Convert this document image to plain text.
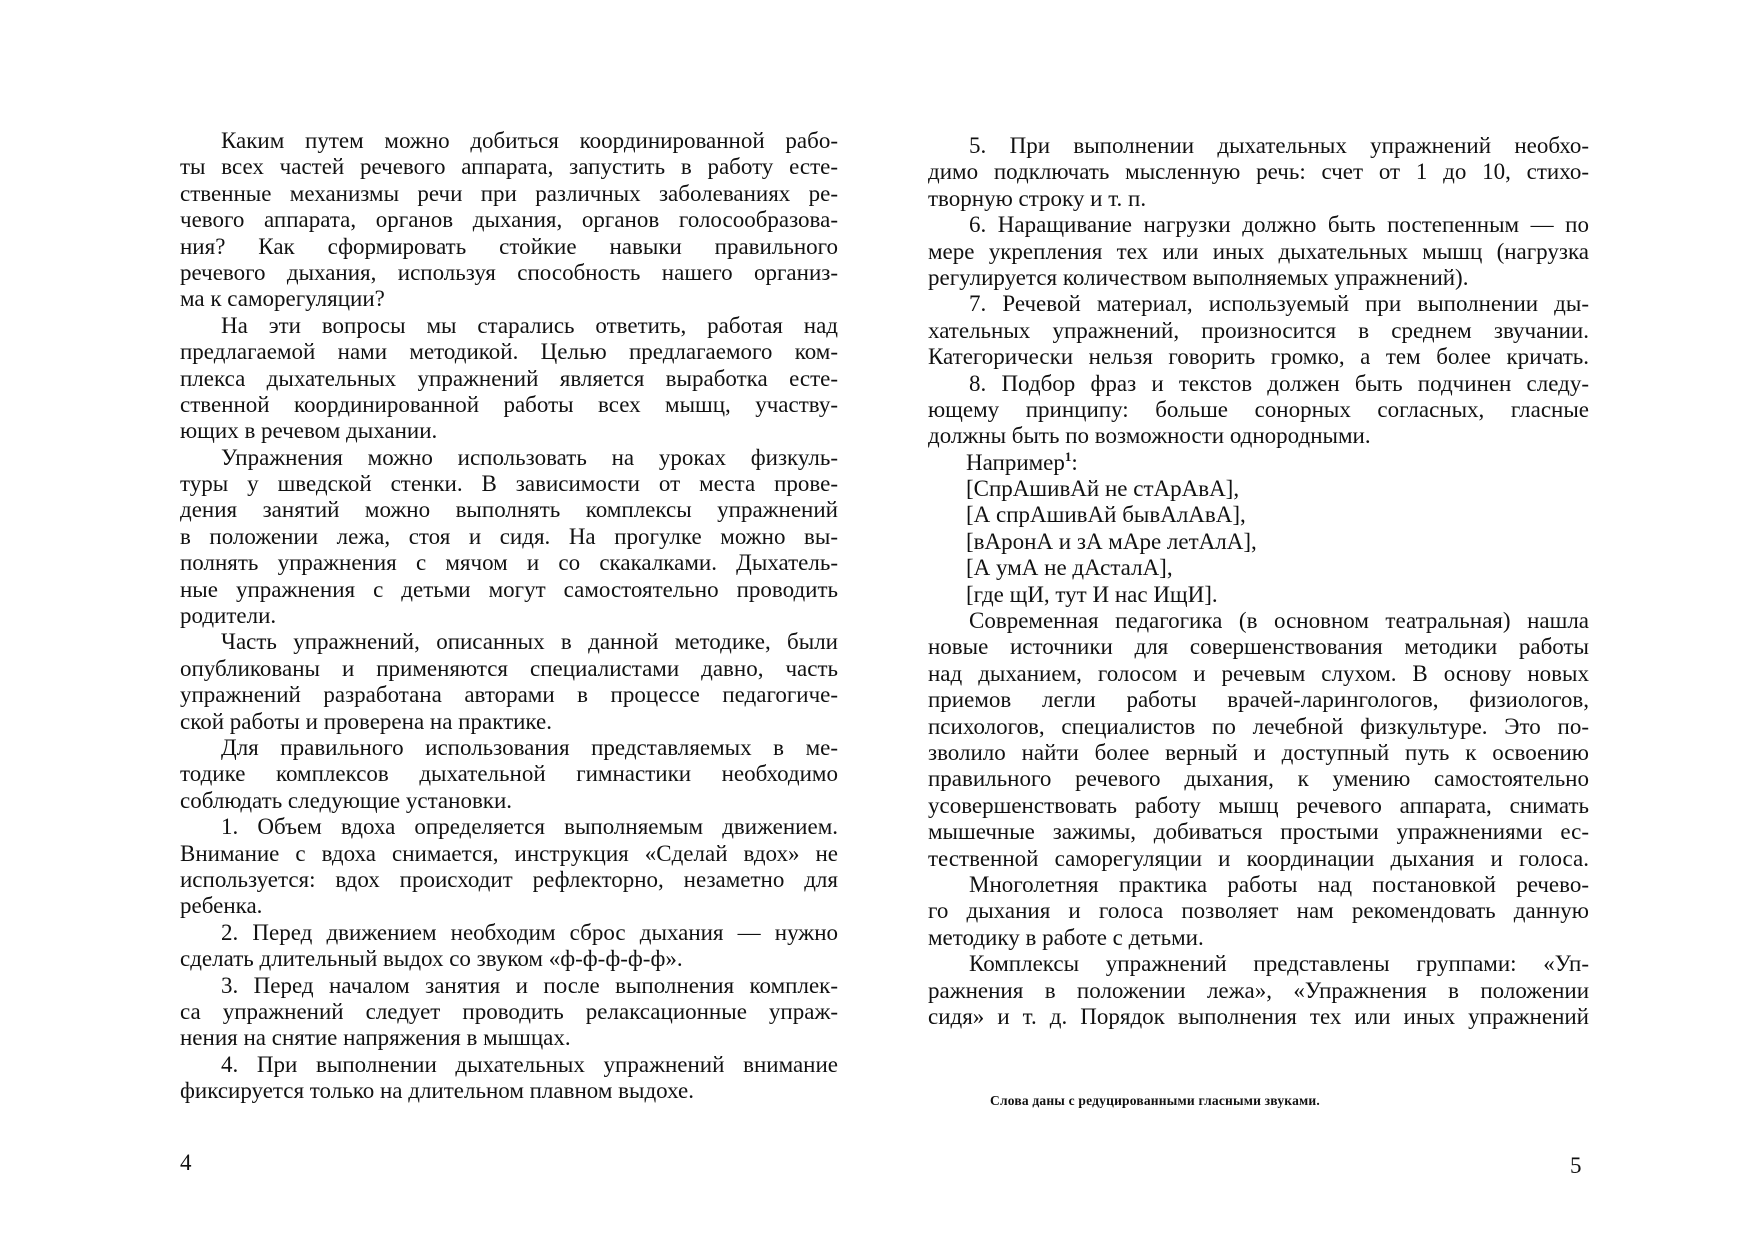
Каким путем можно добиться координированной рабо-
ты всех частей речевого аппарата, запустить в работу есте-
ственные механизмы речи при различных заболеваниях ре-
чевого аппарата, органов дыхания, органов голосообразова-
ния? Как сформировать стойкие навыки правильного
речевого дыхания, используя способность нашего организ-
ма к саморегуляции?
На эти вопросы мы старались ответить, работая над
предлагаемой нами методикой. Целью предлагаемого ком-
плекса дыхательных упражнений является выработка есте-
ственной координированной работы всех мышц, участву-
ющих в речевом дыхании.
Упражнения можно использовать на уроках физкуль-
туры у шведской стенки. В зависимости от места прове-
дения занятий можно выполнять комплексы упражнений
в положении лежа, стоя и сидя. На прогулке можно вы-
полнять упражнения с мячом и со скакалками. Дыхатель-
ные упражнения с детьми могут самостоятельно проводить
родители.
Часть упражнений, описанных в данной методике, были
опубликованы и применяются специалистами давно, часть
упражнений разработана авторами в процессе педагогиче-
ской работы и проверена на практике.
Для правильного использования представляемых в ме-
тодике комплексов дыхательной гимнастики необходимо
соблюдать следующие установки.
1. Объем вдоха определяется выполняемым движением.
Внимание с вдоха снимается, инструкция «Сделай вдох» не
используется: вдох происходит рефлекторно, незаметно для
ребенка.
2. Перед движением необходим сброс дыхания — нужно
сделать длительный выдох со звуком «ф-ф-ф-ф-ф».
3. Перед началом занятия и после выполнения комплек-
са упражнений следует проводить релаксационные упраж-
нения на снятие напряжения в мышцах.
4. При выполнении дыхательных упражнений внимание
фиксируется только на длительном плавном выдохе.
5. При выполнении дыхательных упражнений необхо-
димо подключать мысленную речь: счет от 1 до 10, стихо-
творную строку и т. п.
6. Наращивание нагрузки должно быть постепенным — по
мере укрепления тех или иных дыхательных мышц (нагрузка
регулируется количеством выполняемых упражнений).
7. Речевой материал, используемый при выполнении ды-
хательных упражнений, произносится в среднем звучании.
Категорически нельзя говорить громко, а тем более кричать.
8. Подбор фраз и текстов должен быть подчинен следу-
ющему принципу: больше сонорных согласных, гласные
должны быть по возможности однородными.
Например$^1$:
[СпрАшивАй не стАрАвА],
[А спрАшивАй бывАлАвА],
[вАронА и зА мАре летАлА],
[А умА не дАсталА],
[где щИ, тут И нас ИщИ].
Современная педагогика (в основном театральная) нашла
новые источники для совершенствования методики работы
над дыханием, голосом и речевым слухом. В основу новых
приемов легли работы врачей-ларингологов, физиологов,
психологов, специалистов по лечебной физкультуре. Это по-
зволило найти более верный и доступный путь к освоению
правильного речевого дыхания, к умению самостоятельно
усовершенствовать работу мышц речевого аппарата, снимать
мышечные зажимы, добиваться простыми упражнениями ес-
тественной саморегуляции и координации дыхания и голоса.
Многолетняя практика работы над постановкой речево-
го дыхания и голоса позволяет нам рекомендовать данную
методику в работе с детьми.
Комплексы упражнений представлены группами: «Уп-
ражнения в положении лежа», «Упражнения в положении
сидя» и т. д. Порядок выполнения тех или иных упражнений
Слова даны с редуцированными гласными звуками.
4	5
